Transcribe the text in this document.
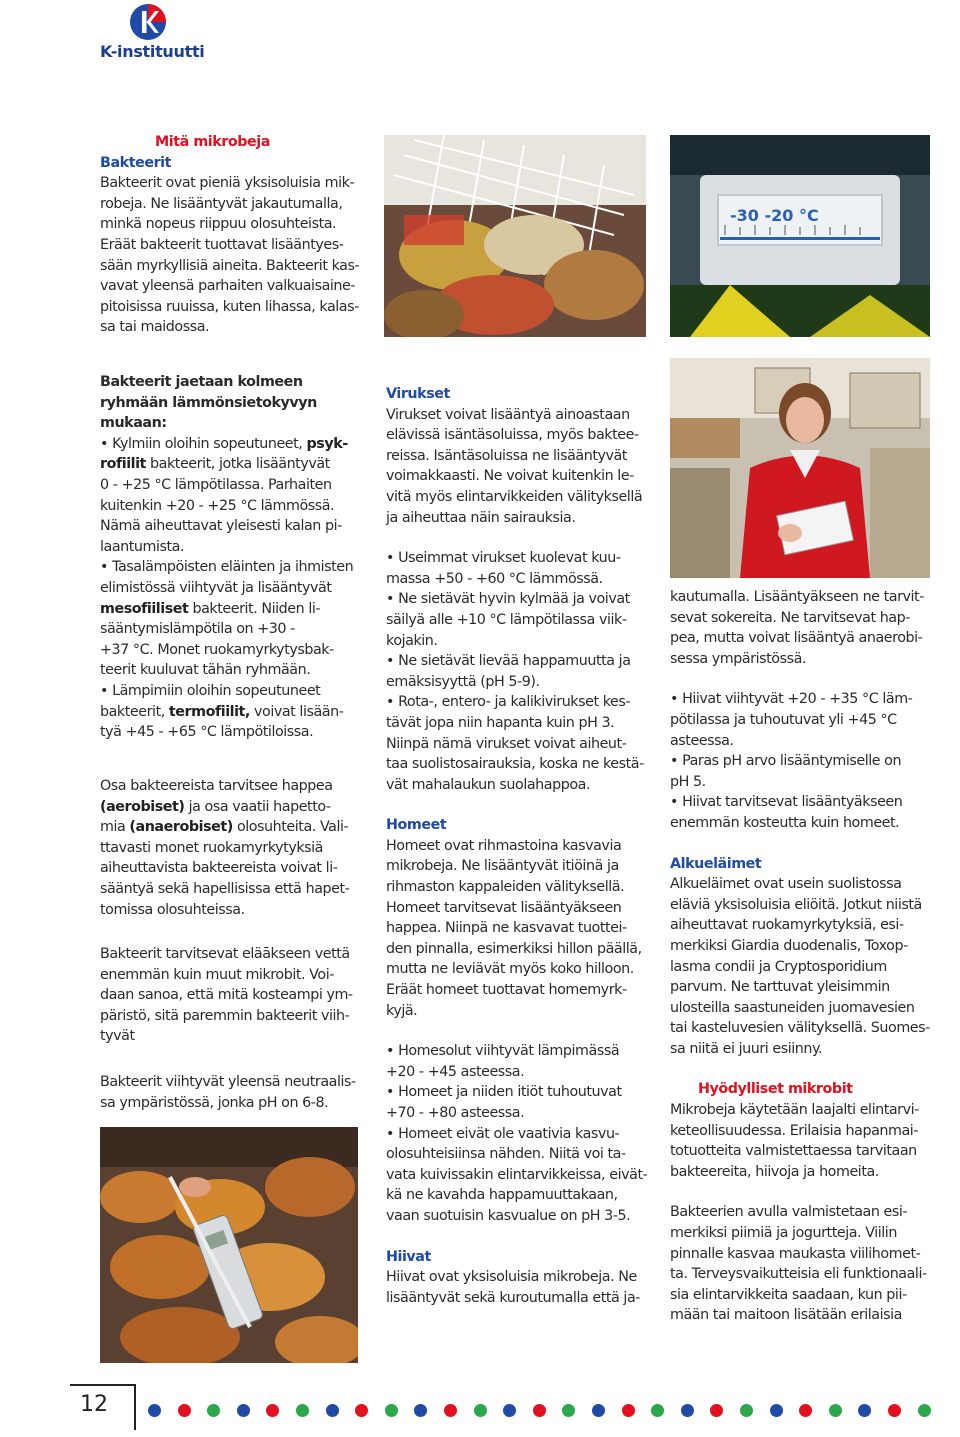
K-instituutti
Mitä mikrobeja
Bakteerit

Bakteerit ovat pieniä yksisoluisia mik-

robeja. Ne lisääntyvät jakautumalla,

minkä nopeus riippuu olosuhteista.

Eräät bakteerit tuottavat lisääntyes-

sään myrkyllisiä aineita. Bakteerit kas-

vavat yleensä parhaiten valkuaisaine-

pitoisissa ruuissa, kuten lihassa, kalas-

sa tai maidossa.

Bakteerit jaetaan kolmeen
ryhmään lämmönsietokyvyn
mukaan:

• Kylmiin oloihin sopeutuneet, psyk-

rofiilit bakteerit, jotka lisääntyvät

0 - +25 °C lämpötilassa. Parhaiten

kuitenkin +20 - +25 °C lämmössä.

Nämä aiheuttavat yleisesti kalan pi-

laantumista.

• Tasalämpöisten eläinten ja ihmisten

elimistössä viihtyvät ja lisääntyvät

mesofiiliset bakteerit. Niiden li-

sääntymislämpötila on +30 -

+37 °C. Monet ruokamyrkytysbak-

teerit kuuluvat tähän ryhmään.

• Lämpimiin oloihin sopeutuneet

bakteerit, termofiilit, voivat lisään-

tyä +45 - +65 °C lämpötiloissa.

Osa bakteereista tarvitsee happea

(aerobiset) ja osa vaatii hapetto-

mia (anaerobiset) olosuhteita. Vali-

ttavasti monet ruokamyrkytyksiä

aiheuttavista bakteereista voivat li-

sääntyä sekä hapellisissa että hapet-

tomissa olosuhteissa.

Bakteerit tarvitsevat eläākseen vettä

enemmän kuin muut mikrobit. Voi-

daan sanoa, että mitä kosteampi ym-

päristö, sitä paremmin bakteerit viih-

tyvät

Bakteerit viihtyvät yleensä neutraalis-

sa ympäristössä, jonka pH on 6-8.

-30 -20 °C
Virukset

Virukset voivat lisääntyä ainoastaan

elävissä isäntäsoluissa, myös baktee-

reissa. Isäntäsoluissa ne lisääntyvät

voimakkaasti. Ne voivat kuitenkin le-

vitä myös elintarvikkeiden välityksellä

ja aiheuttaa näin sairauksia.

• Useimmat virukset kuolevat kuu-

massa +50 - +60 °C lämmössä.

• Ne sietävät hyvin kylmää ja voivat

säilyä alle +10 °C lämpötilassa viik-

kojakin.

• Ne sietävät lievää happamuutta ja

emäksisyyttä (pH 5-9).

• Rota-, entero- ja kalikivirukset kes-

tävät jopa niin hapanta kuin pH 3.

Niinpä nämä virukset voivat aiheut-

taa suolistosairauksia, koska ne kestä-

vät mahalaukun suolahappoa.

Homeet

Homeet ovat rihmastoina kasvavia

mikrobeja. Ne lisääntyvät itiöinä ja

rihmaston kappaleiden välityksellä.

Homeet tarvitsevat lisääntyäkseen

happea. Niinpä ne kasvavat tuottei-

den pinnalla, esimerkiksi hillon päällä,

mutta ne leviävät myös koko hilloon.

Eräät homeet tuottavat homemyrk-

kyjä.

• Homesolut viihtyvät lämpimässä

+20 - +45 asteessa.

• Homeet ja niiden itiöt tuhoutuvat

+70 - +80 asteessa.

• Homeet eivät ole vaativia kasvu-

olosuhteisiinsa nähden. Niitä voi ta-

vata kuivissakin elintarvikkeissa, eivät-

kä ne kavahda happamuuttakaan,

vaan suotuisin kasvualue on pH 3-5.

Hiivat

Hiivat ovat yksisoluisia mikrobeja. Ne

lisääntyvät sekä kuroutumalla että ja-

kautumalla. Lisääntyäkseen ne tarvit-

sevat sokereita. Ne tarvitsevat hap-

pea, mutta voivat lisääntyä anaerobi-

sessa ympäristössä.

• Hiivat viihtyvät +20 - +35 °C läm-

pötilassa ja tuhoutuvat yli +45 °C

asteessa.

• Paras pH arvo lisääntymiselle on

pH 5.

• Hiivat tarvitsevat lisääntyäkseen

enemmän kosteutta kuin homeet.

Alkueläimet

Alkueläimet ovat usein suolistossa

eläviä yksisoluisia eliöitä. Jotkut niistä

aiheuttavat ruokamyrkytyksiä, esi-

merkiksi Giardia duodenalis, Toxop-

lasma condii ja Cryptosporidium

parvum. Ne tarttuvat yleisimmin

ulosteilla saastuneiden juomavesien

tai kasteluvesien välityksellä. Suomes-

sa niitä ei juuri esiinny.

Hyödylliset mikrobit

Mikrobeja käytetään laajalti elintarvi-

keteollisuudessa. Erilaisia hapanmai-

totuotteita valmistettaessa tarvitaan

bakteereita, hiivoja ja homeita.

Bakteerien avulla valmistetaan esi-

merkiksi piimiä ja jogurtteja. Viilin

pinnalle kasvaa maukasta viilihomet-

ta. Terveysvaikutteisia eli funktionaali-

sia elintarvikkeita saadaan, kun pii-

mään tai maitoon lisätään erilaisia

12
